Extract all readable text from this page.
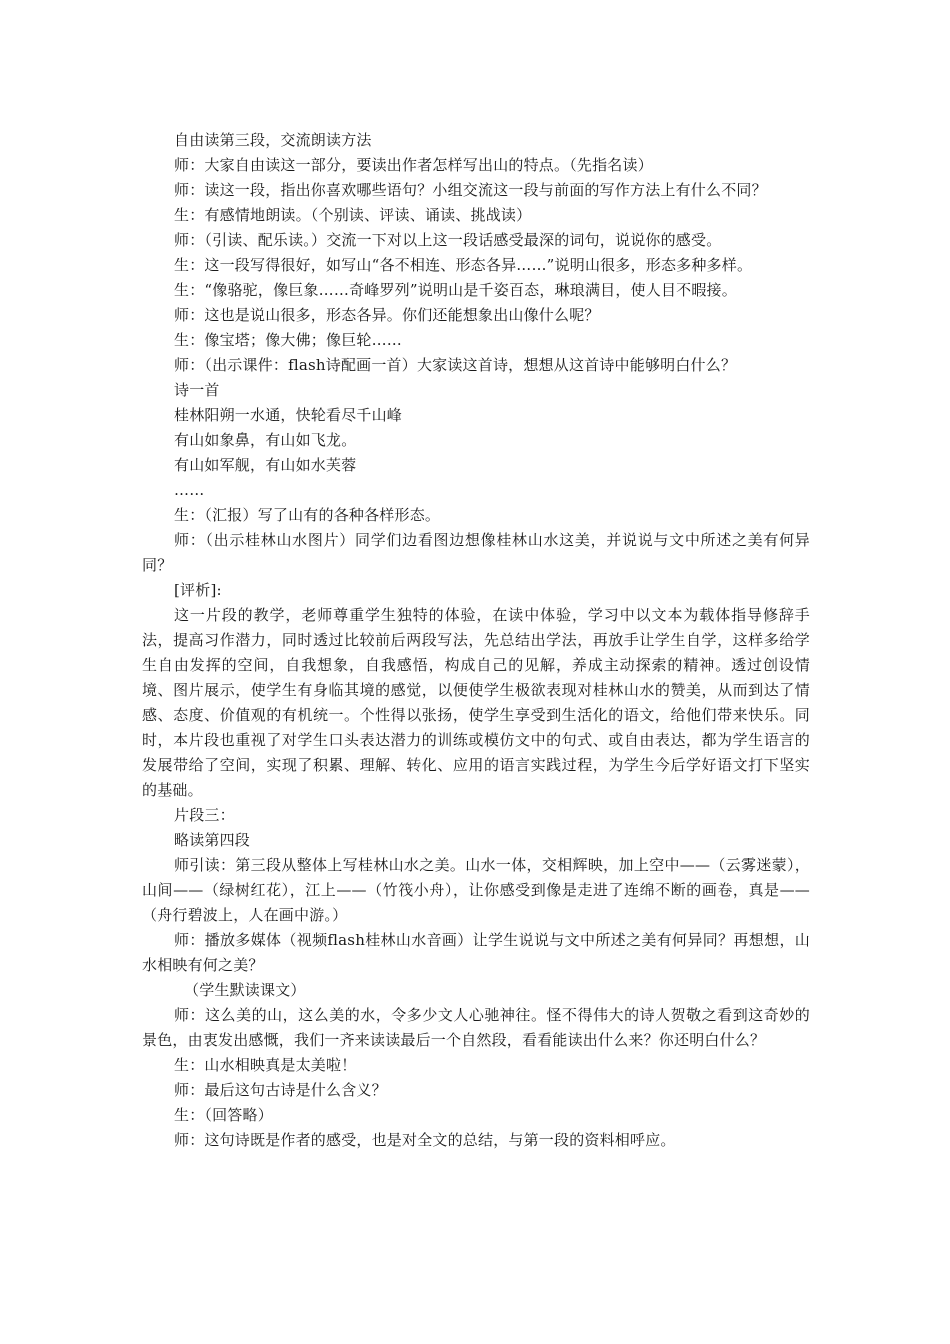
自由读第三段，交流朗读方法

师：大家自由读这一部分，要读出作者怎样写出山的特点。（先指名读）

师：读这一段，指出你喜欢哪些语句？小组交流这一段与前面的写作方法上有什么不同？

生：有感情地朗读。（个别读、评读、诵读、挑战读）

师：（引读、配乐读。）交流一下对以上这一段话感受最深的词句，说说你的感受。

生：这一段写得很好，如写山“各不相连、形态各异……”说明山很多，形态多种多样。

生：“像骆驼，像巨象……奇峰罗列”说明山是千姿百态，琳琅满目，使人目不暇接。

师：这也是说山很多，形态各异。你们还能想象出山像什么呢？

生：像宝塔；像大佛；像巨轮……

师：（出示课件：flash诗配画一首）大家读这首诗，想想从这首诗中能够明白什么？

诗一首

桂林阳朔一水通，快轮看尽千山峰

有山如象鼻，有山如飞龙。

有山如军舰，有山如水芙蓉

……

生：（汇报）写了山有的各种各样形态。

师：（出示桂林山水图片）同学们边看图边想像桂林山水这美，并说说与文中所述之美有何异同？

[评析]:

这一片段的教学，老师尊重学生独特的体验，在读中体验，学习中以文本为载体指导修辞手法，提高习作潜力，同时透过比较前后两段写法，先总结出学法，再放手让学生自学，这样多给学生自由发挥的空间，自我想象，自我感悟，构成自己的见解，养成主动探索的精神。透过创设情境、图片展示，使学生有身临其境的感觉，以便使学生极欲表现对桂林山水的赞美，从而到达了情感、态度、价值观的有机统一。个性得以张扬，使学生享受到生活化的语文，给他们带来快乐。同时，本片段也重视了对学生口头表达潜力的训练或模仿文中的句式、或自由表达，都为学生语言的发展带给了空间，实现了积累、理解、转化、应用的语言实践过程，为学生今后学好语文打下坚实的基础。

片段三：

略读第四段

师引读：第三段从整体上写桂林山水之美。山水一体，交相辉映，加上空中——（云雾迷蒙），山间——（绿树红花），江上——（竹筏小舟），让你感受到像是走进了连绵不断的画卷，真是——（舟行碧波上，人在画中游。）

师：播放多媒体（视频flash桂林山水音画）让学生说说与文中所述之美有何异同？再想想，山水相映有何之美？

（学生默读课文）

师：这么美的山，这么美的水，令多少文人心驰神往。怪不得伟大的诗人贺敬之看到这奇妙的景色，由衷发出感慨，我们一齐来读读最后一个自然段，看看能读出什么来？你还明白什么？

生：山水相映真是太美啦！

师：最后这句古诗是什么含义？

生：（回答略）

师：这句诗既是作者的感受，也是对全文的总结，与第一段的资料相呼应。
